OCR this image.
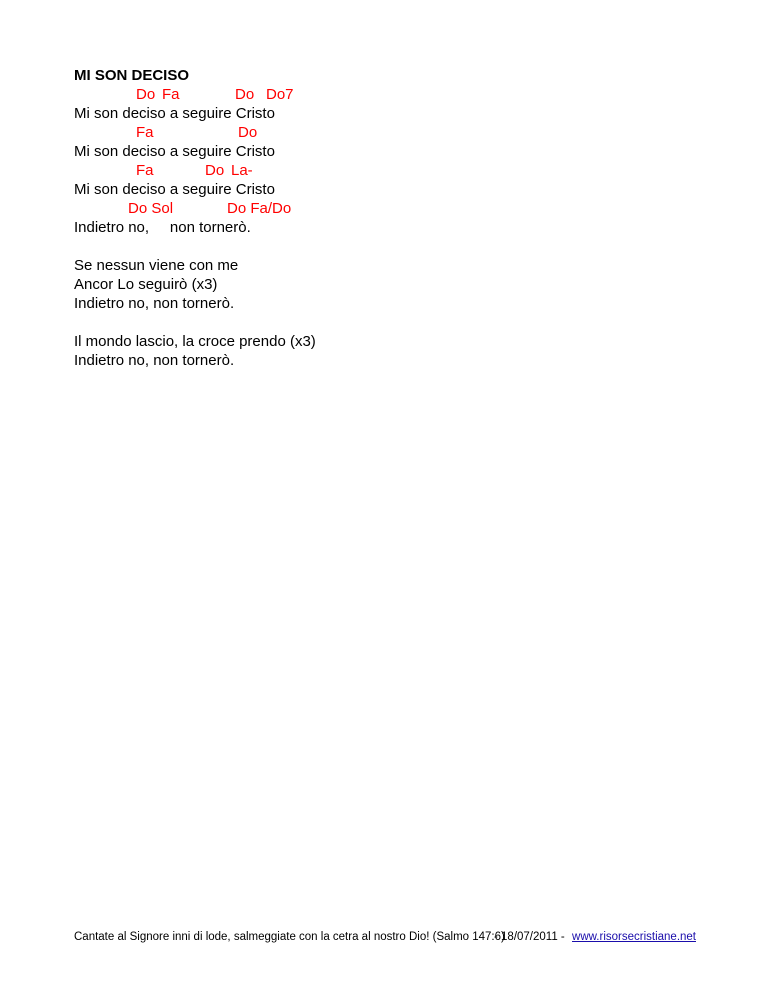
MI SON DECISO
Do Fa	Do Do7
Mi son deciso a seguire Cristo
Fa	Do
Mi son deciso a seguire Cristo
Fa	Do La-
Mi son deciso a seguire Cristo
Do Sol	Do Fa/Do
Indietro no,     non tornerò.
Se nessun viene con me
Ancor Lo seguirò (x3)
Indietro no, non tornerò.
Il mondo lascio, la croce prendo (x3)
Indietro no, non tornerò.
Cantate al Signore inni di lode, salmeggiate con la cetra al nostro Dio! (Salmo 147:6)
- 18/07/2011 - www.risorsecristiane.net
